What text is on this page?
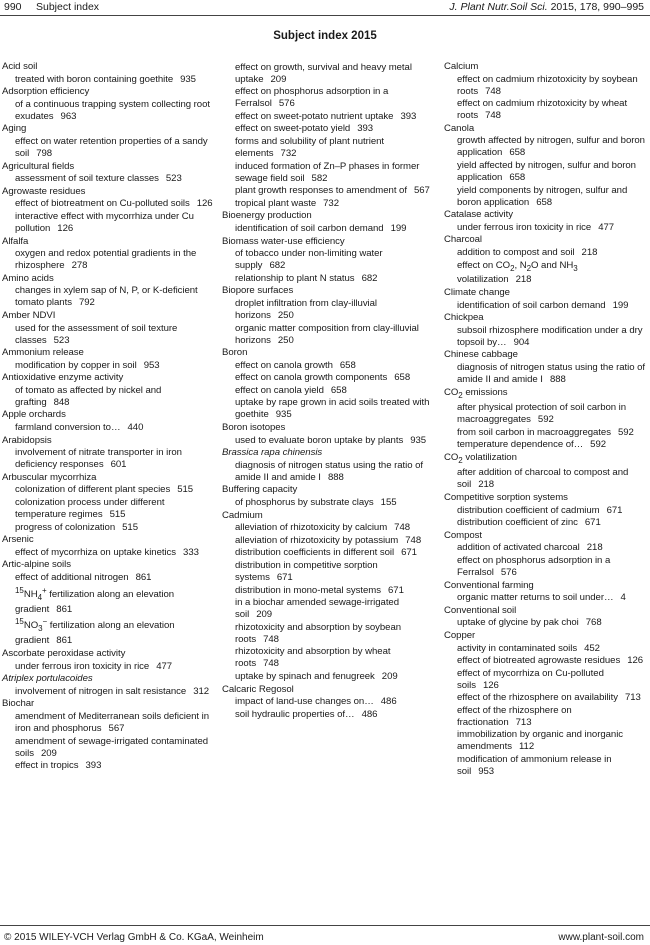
990 Subject index	J. Plant Nutr.Soil Sci. 2015, 178, 990–995
Subject index 2015
Acid soil
treated with boron containing goethite 935
Adsorption efficiency
of a continuous trapping system collecting root exudates 963
Aging
effect on water retention properties of a sandy soil 798
Agricultural fields
assessment of soil texture classes 523
Agrowaste residues
effect of biotreatment on Cu-polluted soils 126
interactive effect with mycorrhiza under Cu pollution 126
Alfalfa
oxygen and redox potential gradients in the rhizosphere 278
Amino acids
changes in xylem sap of N, P, or K-deficient tomato plants 792
Amber NDVI
used for the assessment of soil texture classes 523
Ammonium release
modification by copper in soil 953
Antioxidative enzyme activity
of tomato as affected by nickel and grafting 848
Apple orchards
farmland conversion to… 440
Arabidopsis
involvement of nitrate transporter in iron deficiency responses 601
Arbuscular mycorrhiza
colonization of different plant species 515
colonization process under different temperature regimes 515
progress of colonization 515
Arsenic
effect of mycorrhiza on uptake kinetics 333
Artic-alpine soils
effect of additional nitrogen 861
$^{15}NH_4^+$ fertilization along an elevation gradient 861
$^{15}NO_3^-$ fertilization along an elevation gradient 861
Ascorbate peroxidase activity
under ferrous iron toxicity in rice 477
Atriplex portulacoides
involvement of nitrogen in salt resistance 312
Biochar
amendment of Mediterranean soils deficient in iron and phosphorus 567
amendment of sewage-irrigated contaminated soils 209
effect in tropics 393
effect on growth, survival and heavy metal uptake 209
effect on phosphorus adsorption in a Ferralsol 576
effect on sweet-potato nutrient uptake 393
effect on sweet-potato yield 393
forms and solubility of plant nutrient elements 732
induced formation of Zn–P phases in former sewage field soil 582
plant growth responses to amendment of 567
tropical plant waste 732
Bioenergy production
identification of soil carbon demand 199
Biomass water-use efficiency
of tobacco under non-limiting water supply 682
relationship to plant N status 682
Biopore surfaces
droplet infiltration from clay-illuvial horizons 250
organic matter composition from clay-illuvial horizons 250
Boron
effect on canola growth 658
effect on canola growth components 658
effect on canola yield 658
uptake by rape grown in acid soils treated with goethite 935
Boron isotopes
used to evaluate boron uptake by plants 935
Brassica rapa chinensis
diagnosis of nitrogen status using the ratio of amide II and amide I 888
Buffering capacity
of phosphorus by substrate clays 155
Cadmium
alleviation of rhizotoxicity by calcium 748
alleviation of rhizotoxicity by potassium 748
distribution coefficients in different soil 671
distribution in competitive sorption systems 671
distribution in mono-metal systems 671
in a biochar amended sewage-irrigated soil 209
rhizotoxicity and absorption by soybean roots 748
rhizotoxicity and absorption by wheat roots 748
uptake by spinach and fenugreek 209
Calcaric Regosol
impact of land-use changes on… 486
soil hydraulic properties of… 486
Calcium
effect on cadmium rhizotoxicity by soybean roots 748
effect on cadmium rhizotoxicity by wheat roots 748
Canola
growth affected by nitrogen, sulfur and boron application 658
yield affected by nitrogen, sulfur and boron application 658
yield components by nitrogen, sulfur and boron application 658
Catalase activity
under ferrous iron toxicity in rice 477
Charcoal
addition to compost and soil 218
effect on $CO_2$, $N_2O$ and $NH_3$ volatilization 218
Climate change
identification of soil carbon demand 199
Chickpea
subsoil rhizosphere modification under a dry topsoil by… 904
Chinese cabbage
diagnosis of nitrogen status using the ratio of amide II and amide I 888
$CO_2$ emissions
after physical protection of soil carbon in macroaggregates 592
from soil carbon in macroaggregates 592
temperature dependence of… 592
$CO_2$ volatilization
after addition of charcoal to compost and soil 218
Competitive sorption systems
distribution coefficient of cadmium 671
distribution coefficient of zinc 671
Compost
addition of activated charcoal 218
effect on phosphorus adsorption in a Ferralsol 576
Conventional farming
organic matter returns to soil under… 4
Conventional soil
uptake of glycine by pak choi 768
Copper
activity in contaminated soils 452
effect of biotreated agrowaste residues 126
effect of mycorrhiza on Cu-polluted soils 126
effect of the rhizosphere on availability 713
effect of the rhizosphere on fractionation 713
immobilization by organic and inorganic amendments 112
modification of ammonium release in soil 953
© 2015 WILEY-VCH Verlag GmbH & Co. KGaA, Weinheim	www.plant-soil.com
